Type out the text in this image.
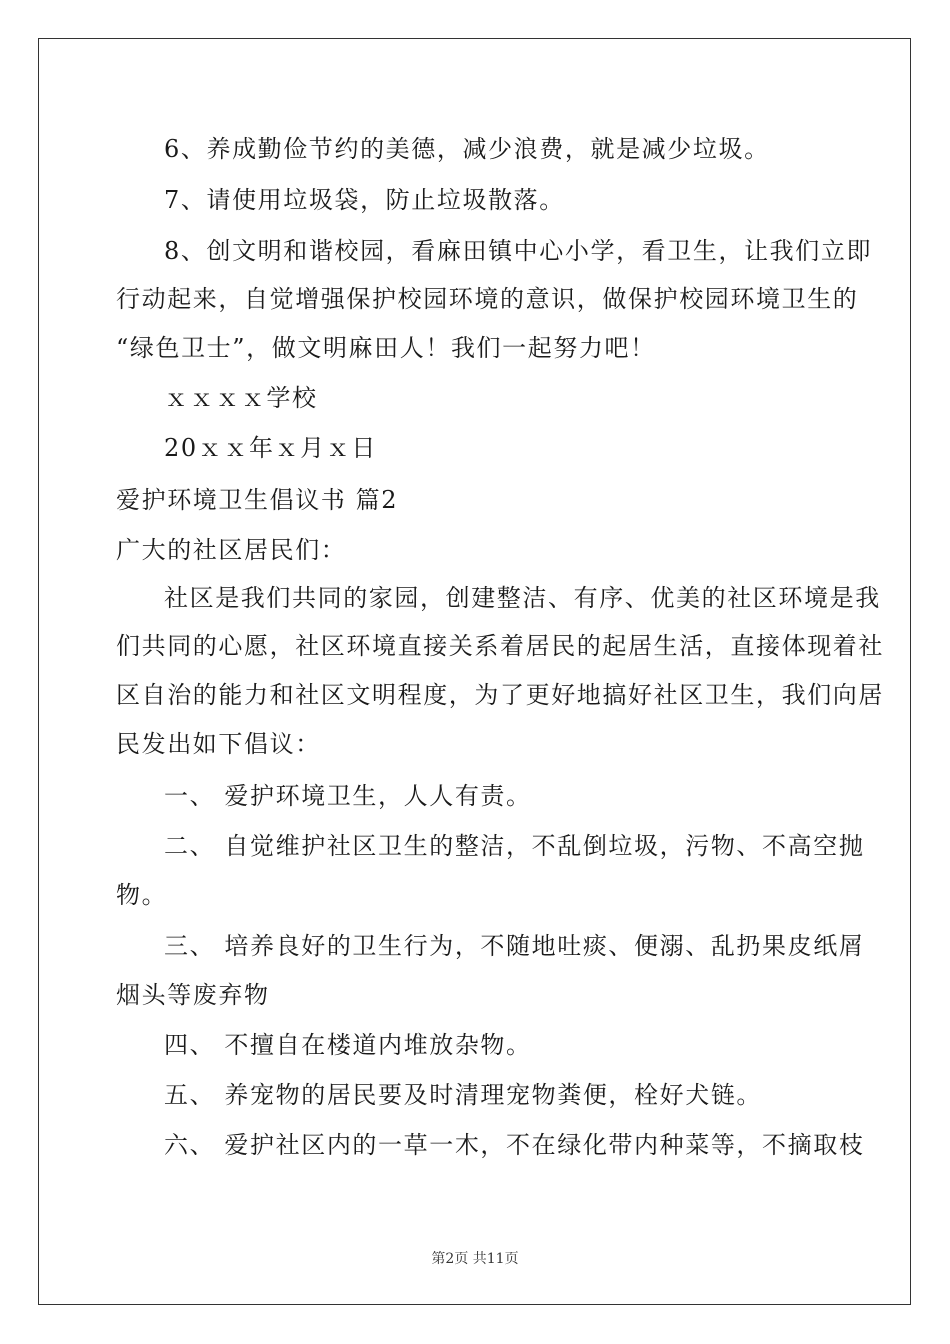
6、养成勤俭节约的美德，减少浪费，就是减少垃圾。
7、请使用垃圾袋，防止垃圾散落。
8、创文明和谐校园，看麻田镇中心小学，看卫生，让我们立即
行动起来，自觉增强保护校园环境的意识，做保护校园环境卫生的
“绿色卫士”，做文明麻田人！我们一起努力吧！
ｘｘｘｘ学校
20ｘｘ年ｘ月ｘ日
爱护环境卫生倡议书 篇2
广大的社区居民们：
社区是我们共同的家园，创建整洁、有序、优美的社区环境是我
们共同的心愿，社区环境直接关系着居民的起居生活，直接体现着社
区自治的能力和社区文明程度，为了更好地搞好社区卫生，我们向居
民发出如下倡议：
一、 爱护环境卫生，人人有责。
二、 自觉维护社区卫生的整洁，不乱倒垃圾，污物、不高空抛
物。
三、 培养良好的卫生行为，不随地吐痰、便溺、乱扔果皮纸屑
烟头等废弃物
四、 不擅自在楼道内堆放杂物。
五、 养宠物的居民要及时清理宠物粪便，栓好犬链。
六、 爱护社区内的一草一木，不在绿化带内种菜等，不摘取枝
第2页 共11页
